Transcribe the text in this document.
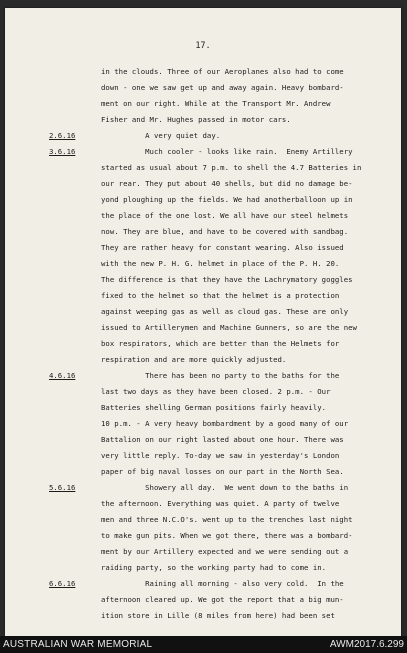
17.
in the clouds. Three of our Aeroplanes also had to come
down - one we saw get up and away again. Heavy bombard-
ment on our right. While at the Transport Mr. Andrew
Fisher and Mr. Hughes passed in motor cars.
2.6.16	A very quiet day.
3.6.16	Much cooler - looks like rain.  Enemy Artillery
started as usual about 7 p.m. to shell the 4.7 Batteries in
our rear. They put about 40 shells, but did no damage be-
yond ploughing up the fields. We had anotherballoon up in
the place of the one lost. We all have our steel helmets
now. They are blue, and have to be covered with sandbag.
They are rather heavy for constant wearing. Also issued
with the new P. H. G. helmet in place of the P. H. 20.
The difference is that they have the Lachrymatory goggles
fixed to the helmet so that the helmet is a protection
against weeping gas as well as cloud gas. These are only
issued to Artillerymen and Machine Gunners, so are the new
box respirators, which are better than the Helmets for
respiration and are more quickly adjusted.
4.6.16	There has been no party to the baths for the
last two days as they have been closed. 2 p.m. - Our
Batteries shelling German positions fairly heavily.
10 p.m. - A very heavy bombardment by a good many of our
Battalion on our right lasted about one hour. There was
very little reply. To-day we saw in yesterday's London
paper of big naval losses on our part in the North Sea.
5.6.16	Showery all day.  We went down to the baths in
the afternoon. Everything was quiet. A party of twelve
men and three N.C.O's. went up to the trenches last night
to make gun pits. When we got there, there was a bombard-
ment by our Artillery expected and we were sending out a
raiding party, so the working party had to come in.
6.6.16	Raining all morning - also very cold.  In the
afternoon cleared up. We got the report that a big mun-
ition store in Lille (8 miles from here) had been set
AUSTRALIAN WAR MEMORIAL	AWM2017.6.299
